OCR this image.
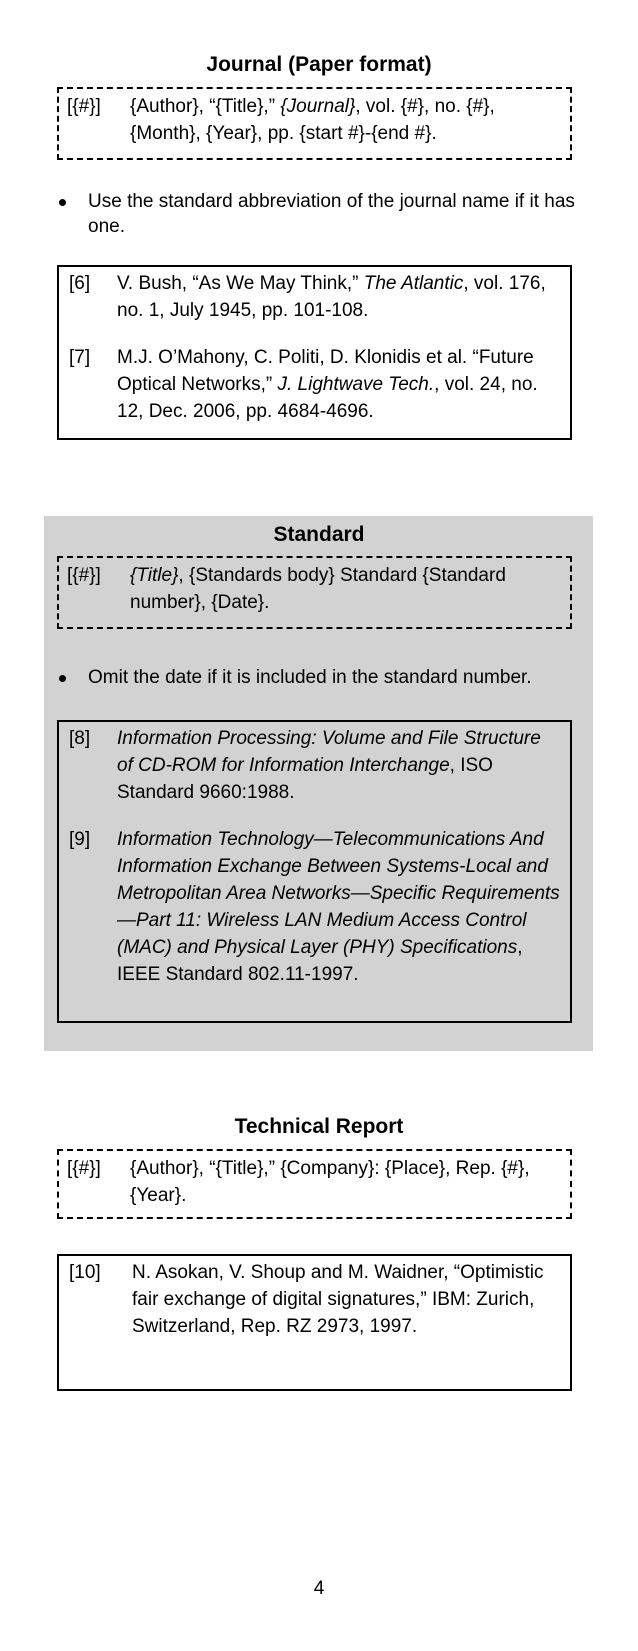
Journal (Paper format)
[{#}] {Author}, “{Title},” {Journal}, vol. {#}, no. {#}, {Month}, {Year}, pp. {start #}-{end #}.
Use the standard abbreviation of the journal name if it has one.
[6] V. Bush, “As We May Think,” The Atlantic, vol. 176, no. 1, July 1945, pp. 101-108.
[7] M.J. O’Mahony, C. Politi, D. Klonidis et al. “Future Optical Networks,” J. Lightwave Tech., vol. 24, no. 12, Dec. 2006, pp. 4684-4696.
Standard
[{#}] {Title}, {Standards body} Standard {Standard number}, {Date}.
Omit the date if it is included in the standard number.
[8] Information Processing: Volume and File Structure of CD-ROM for Information Interchange, ISO Standard 9660:1988.
[9] Information Technology—Telecommunications And Information Exchange Between Systems-Local and Metropolitan Area Networks—Specific Requirements—Part 11: Wireless LAN Medium Access Control (MAC) and Physical Layer (PHY) Specifications, IEEE Standard 802.11-1997.
Technical Report
[{#}] {Author}, “{Title},” {Company}: {Place}, Rep. {#}, {Year}.
[10] N. Asokan, V. Shoup and M. Waidner, “Optimistic fair exchange of digital signatures,” IBM: Zurich, Switzerland, Rep. RZ 2973, 1997.
4
